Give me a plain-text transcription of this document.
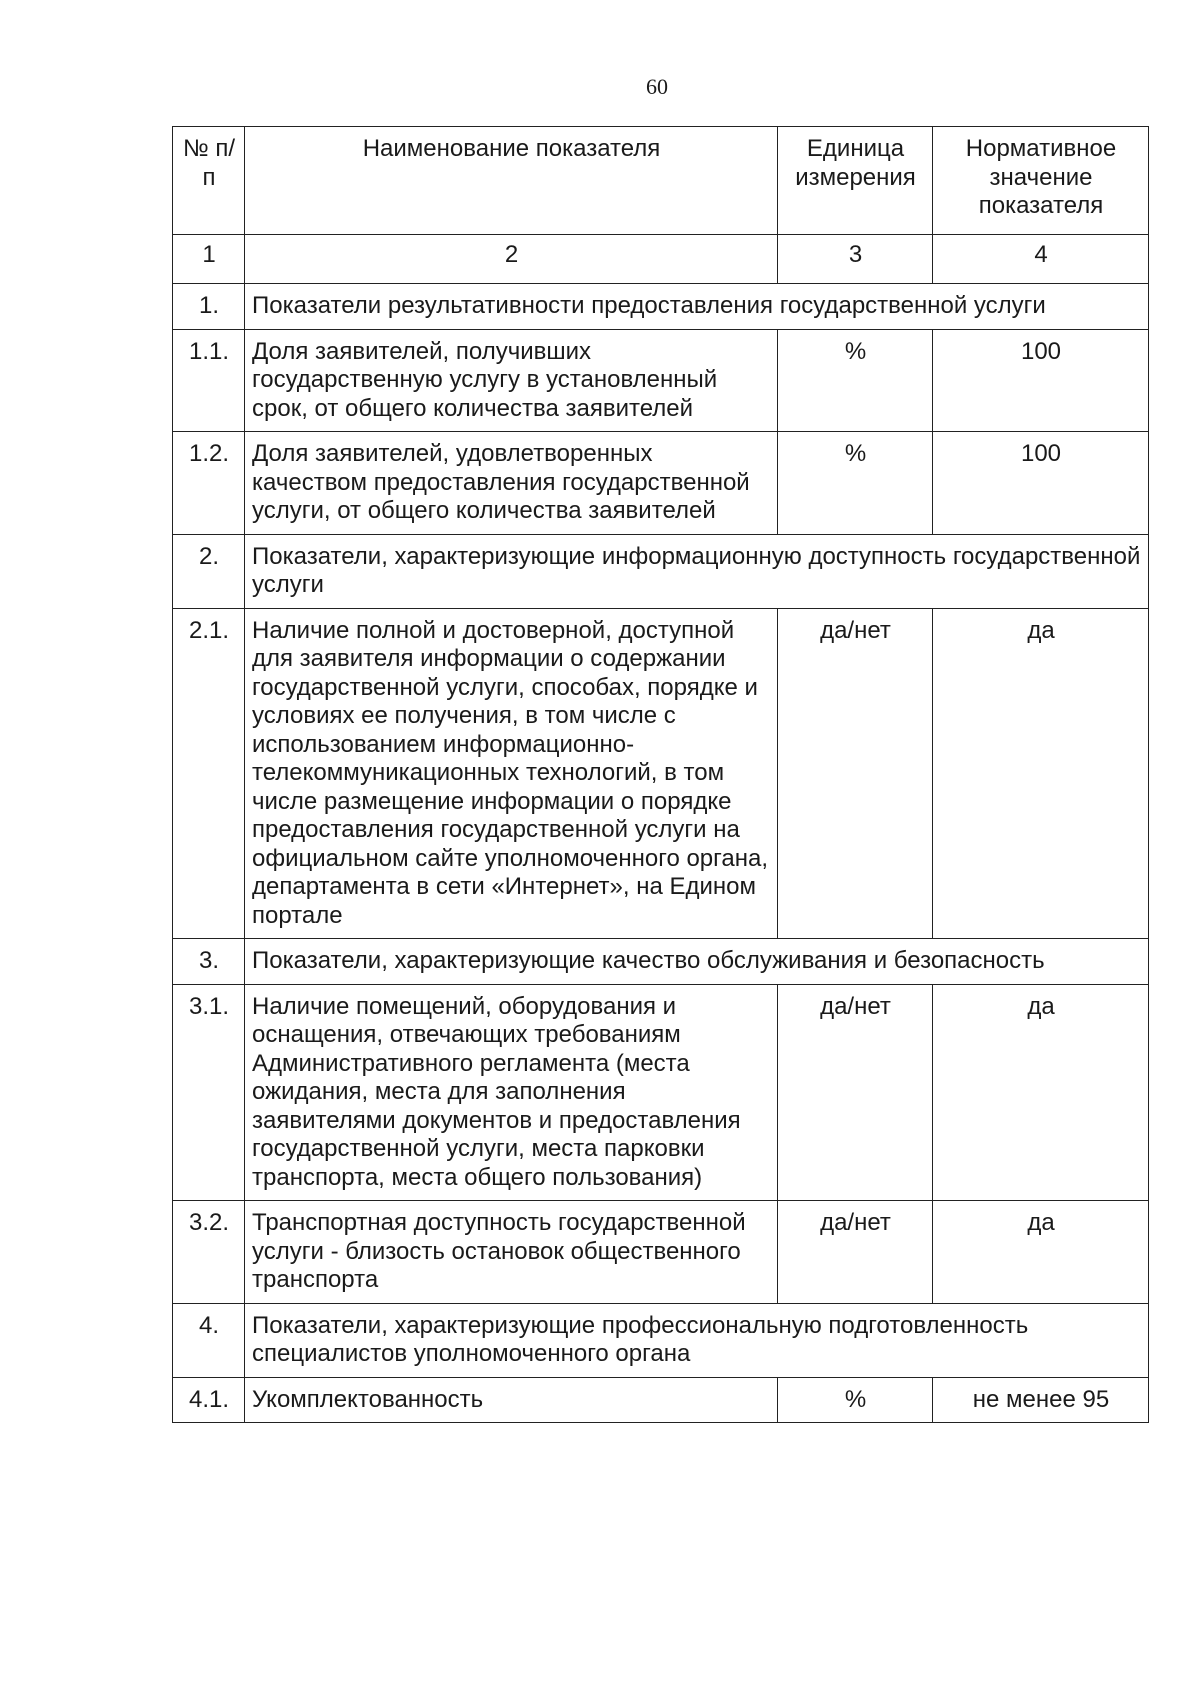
60
№ п/п	Наименование показателя	Единица измерения	Нормативное значение показателя
1	2	3	4
1.	Показатели результативности предоставления государственной услуги		
1.1.	Доля заявителей, получивших государственную услугу в установленный срок, от общего количества заявителей	%	100
1.2.	Доля заявителей, удовлетворенных качеством предоставления государственной услуги, от общего количества заявителей	%	100
2.	Показатели, характеризующие информационную доступность государственной услуги		
2.1.	Наличие полной и достоверной, доступной для заявителя информации о содержании государственной услуги, способах, порядке и условиях ее получения, в том числе с использованием информационно-телекоммуникационных технологий, в том числе размещение информации о порядке предоставления государственной услуги на официальном сайте уполномоченного органа, департамента в сети «Интернет», на Едином портале	да/нет	да
3.	Показатели, характеризующие качество обслуживания и безопасность		
3.1.	Наличие помещений, оборудования и оснащения, отвечающих требованиям Административного регламента (места ожидания, места для заполнения заявителями документов и предоставления государственной услуги, места парковки транспорта, места общего пользования)	да/нет	да
3.2.	Транспортная доступность государственной услуги - близость остановок общественного транспорта	да/нет	да
4.	Показатели, характеризующие профессиональную подготовленность специалистов уполномоченного органа		
4.1.	Укомплектованность	%	не менее 95
